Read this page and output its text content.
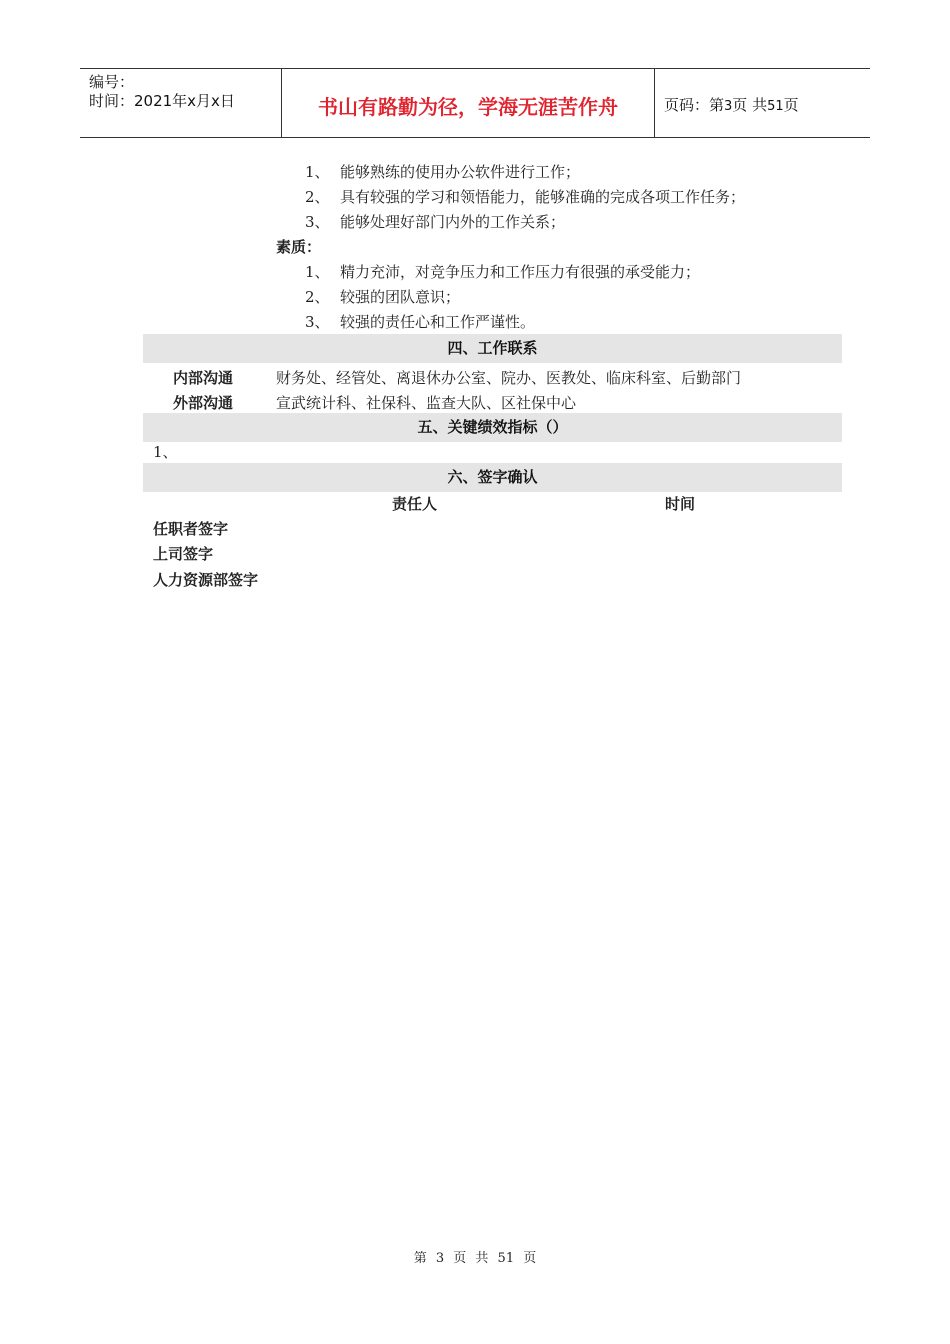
编号：
时间：2021年x月x日	书山有路勤为径，学海无涯苦作舟	页码：第3页 共51页
1、 能够熟练的使用办公软件进行工作；
2、 具有较强的学习和领悟能力，能够准确的完成各项工作任务；
3、 能够处理好部门内外的工作关系；
素质：
1、 精力充沛，对竞争压力和工作压力有很强的承受能力；
2、 较强的团队意识；
3、 较强的责任心和工作严谨性。
四、工作联系
内部沟通	财务处、经管处、离退休办公室、院办、医教处、临床科室、后勤部门
外部沟通	宣武统计科、社保科、监查大队、区社保中心
五、关键绩效指标（）
1、
六、签字确认
责任人	时间
任职者签字
上司签字
人力资源部签字
第 3 页 共 51 页
